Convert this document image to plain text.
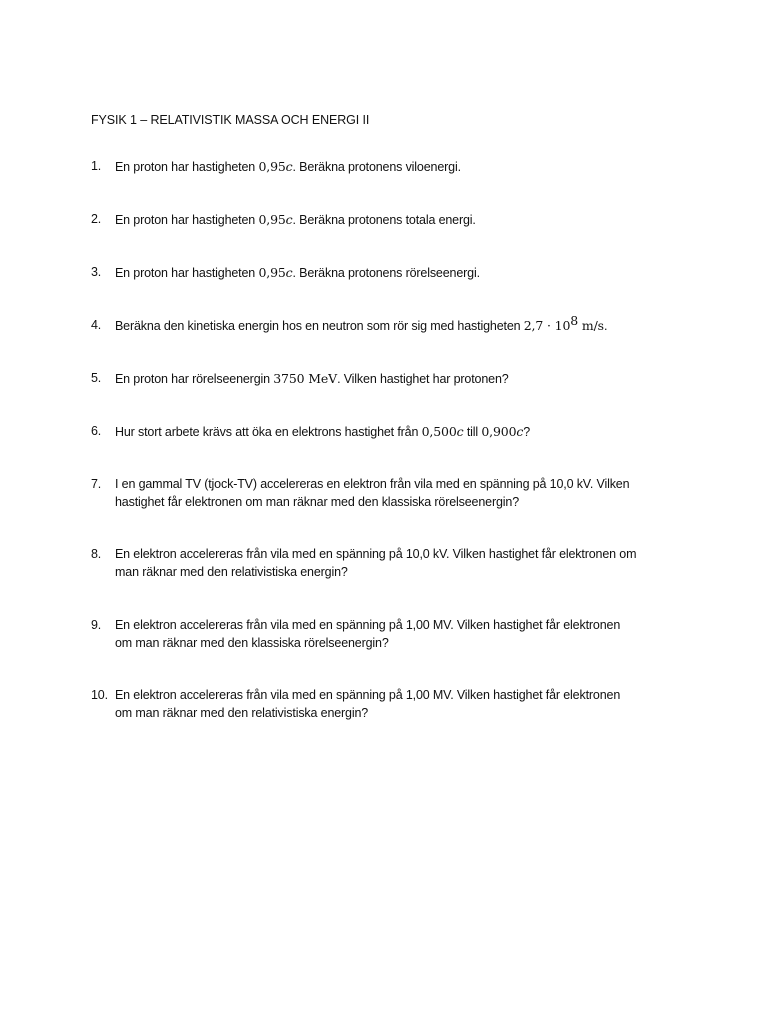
FYSIK 1 – RELATIVISTIK MASSA OCH ENERGI II
1. En proton har hastigheten 0,95c. Beräkna protonens viloenergi.
2. En proton har hastigheten 0,95c. Beräkna protonens totala energi.
3. En proton har hastigheten 0,95c. Beräkna protonens rörelseenergi.
4. Beräkna den kinetiska energin hos en neutron som rör sig med hastigheten $2,7 \cdot 10^8$ m/s.
5. En proton har rörelseenergin 3750 MeV. Vilken hastighet har protonen?
6. Hur stort arbete krävs att öka en elektrons hastighet från 0,500c till 0,900c?
7. I en gammal TV (tjock-TV) accelereras en elektron från vila med en spänning på 10,0 kV. Vilken
hastighet får elektronen om man räknar med den klassiska rörelseenergin?
8. En elektron accelereras från vila med en spänning på 10,0 kV. Vilken hastighet får elektronen om
man räknar med den relativistiska energin?
9. En elektron accelereras från vila med en spänning på 1,00 MV. Vilken hastighet får elektronen
om man räknar med den klassiska rörelseenergin?
10. En elektron accelereras från vila med en spänning på 1,00 MV. Vilken hastighet får elektronen
om man räknar med den relativistiska energin?
